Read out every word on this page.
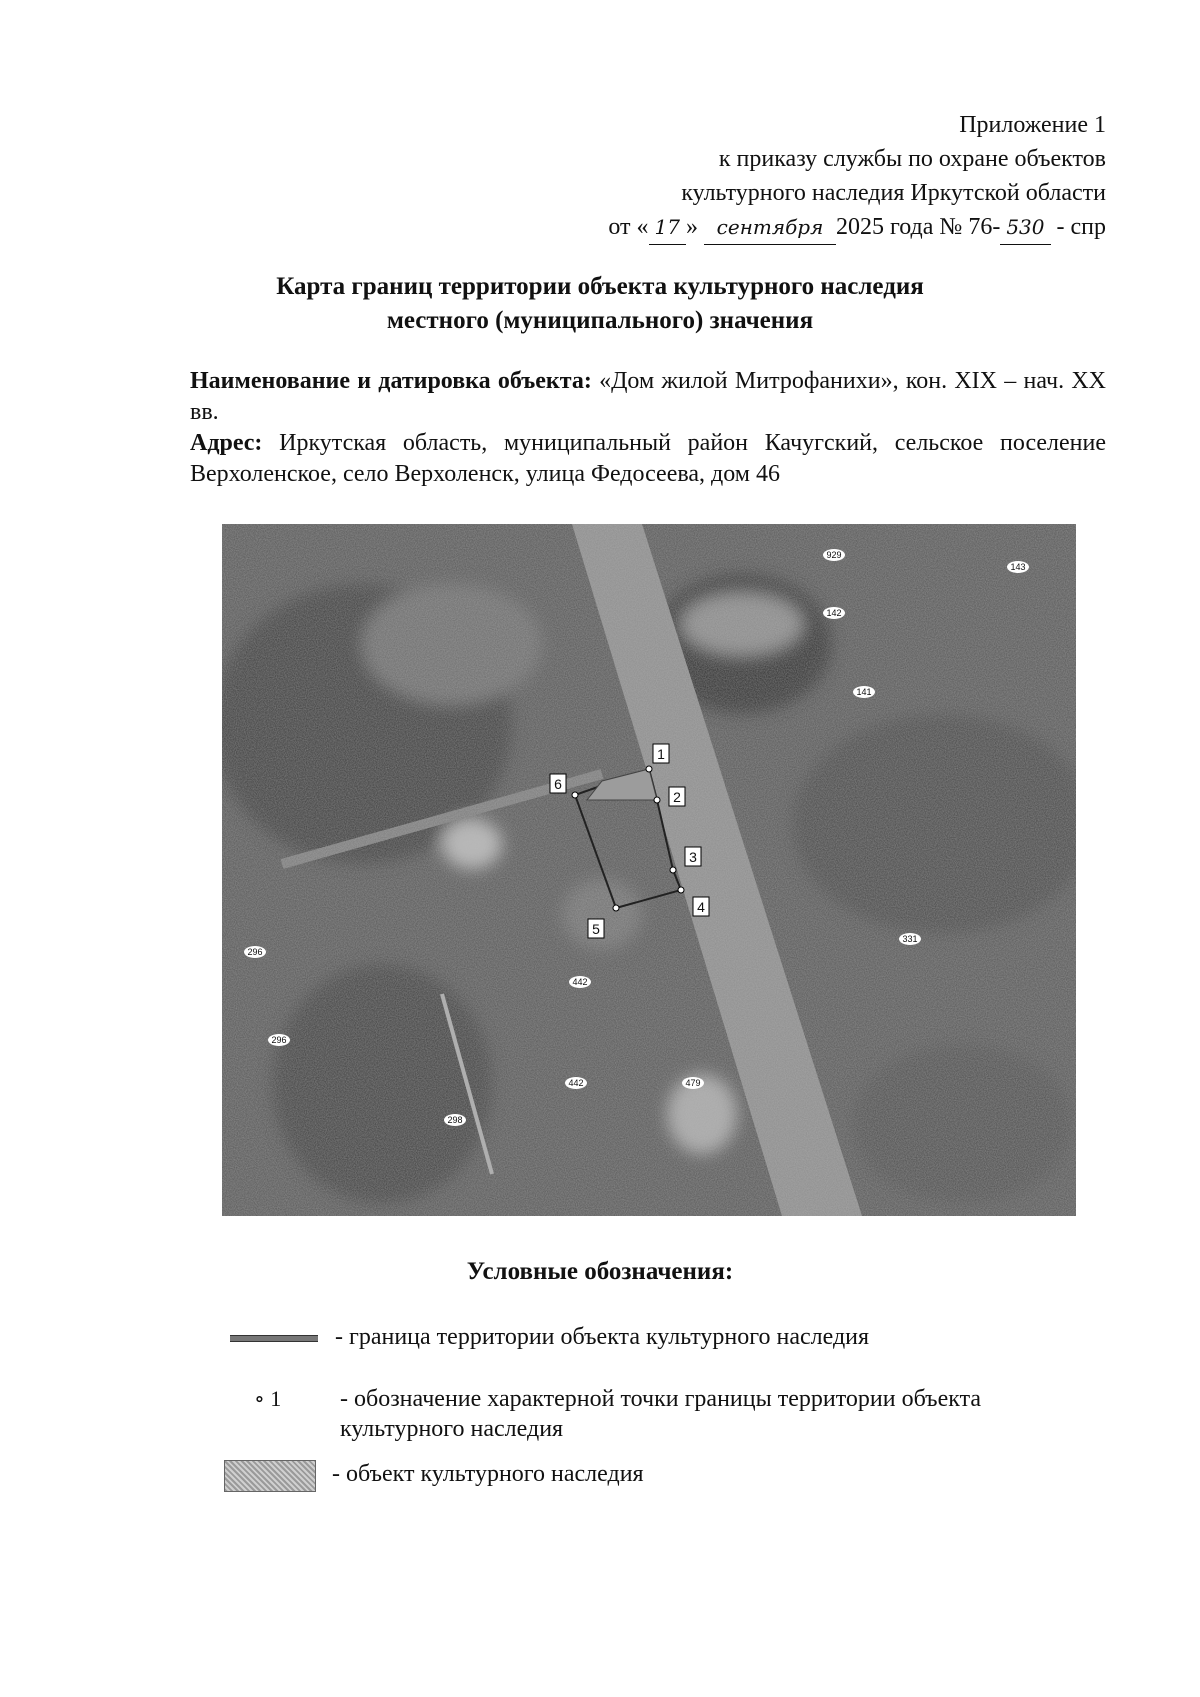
Приложение 1
к приказу службы по охране объектов
культурного наследия Иркутской области
от « 17 » сентября 2025 года № 76- 530 - спр
Карта границ территории объекта культурного наследия
местного (муниципального) значения

Наименование и датировка объекта: «Дом жилой Митрофанихи», кон. XIX – нач. XX вв.

Адрес: Иркутская область, муниципальный район Качугский, сельское поселение Верхоленское, село Верхоленск, улица Федосеева, дом 46

1
2
3
4
5
6
929
142
143
141
331
296
296
442
442	479
298
Условные обозначения:
- граница территории объекта культурного наследия
∘ 1 - обозначение характерной точки границы территории объекта
культурного наследия
- объект культурного наследия
